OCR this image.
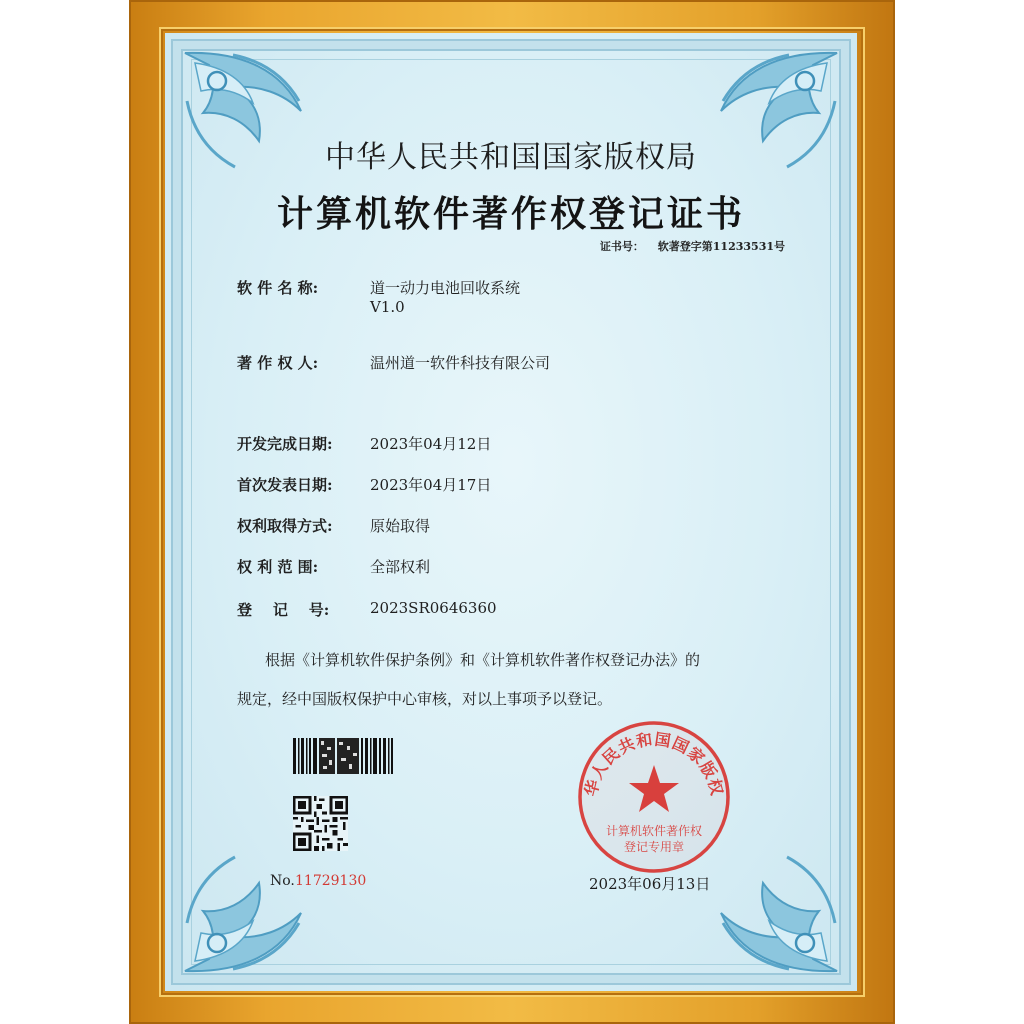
中华人民共和国国家版权局
计算机软件著作权登记证书
证书号： 软著登字第11233531号
软 件 名 称:	道一动力电池回收系统
V1.0
著 作 权 人:	温州道一软件科技有限公司
开发完成日期: 2023年04月12日
首次发表日期: 2023年04月17日
权利取得方式: 原始取得
权 利 范 围:	全部权利
登    记    号:	2023SR0646360
根据《计算机软件保护条例》和《计算机软件著作权登记办法》的
规定，经中国版权保护中心审核，对以上事项予以登记。
No. 11729130
华人民共和国国家版权
计算机软件著作权
登记专用章
2023年06月13日
